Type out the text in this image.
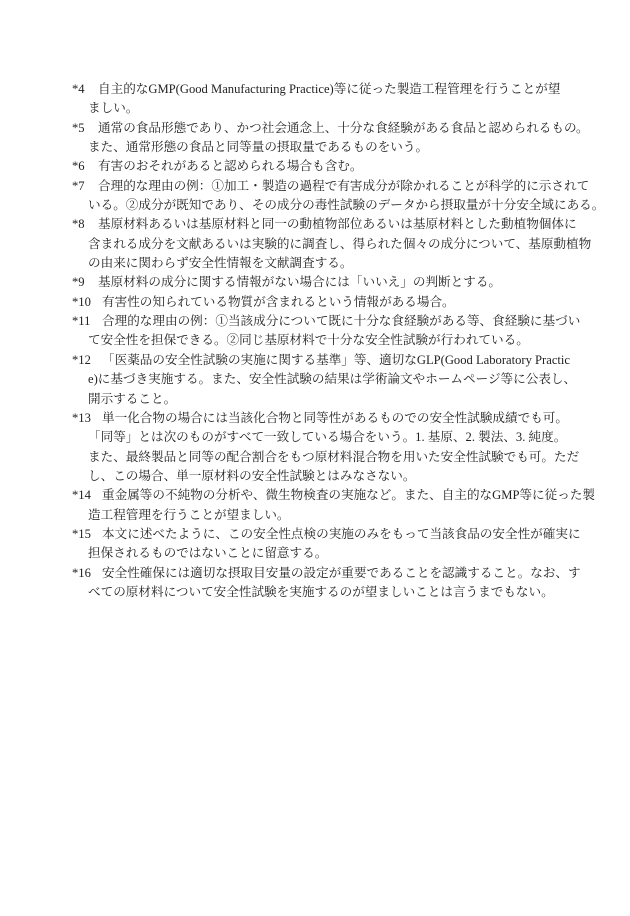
*4 自主的なGMP(Good Manufacturing Practice)等に従った製造工程管理を行うことが望
ましい。
*5 通常の食品形態であり、かつ社会通念上、十分な食経験がある食品と認められるもの。
また、通常形態の食品と同等量の摂取量であるものをいう。
*6 有害のおそれがあると認められる場合も含む。
*7 合理的な理由の例：①加工・製造の過程で有害成分が除かれることが科学的に示されて
いる。②成分が既知であり、その成分の毒性試験のデータから摂取量が十分安全域にある。
*8 基原材料あるいは基原材料と同一の動植物部位あるいは基原材料とした動植物個体に
含まれる成分を文献あるいは実験的に調査し、得られた個々の成分について、基原動植物
の由来に関わらず安全性情報を文献調査する。
*9 基原材料の成分に関する情報がない場合には「いいえ」の判断とする。
*10 有害性の知られている物質が含まれるという情報がある場合。
*11 合理的な理由の例：①当該成分について既に十分な食経験がある等、食経験に基づい
て安全性を担保できる。②同じ基原材料で十分な安全性試験が行われている。
*12 「医薬品の安全性試験の実施に関する基準」等、適切なGLP(Good Laboratory Practic
e)に基づき実施する。また、安全性試験の結果は学術論文やホームページ等に公表し、
開示すること。
*13 単一化合物の場合には当該化合物と同等性があるものでの安全性試験成績でも可。
「同等」とは次のものがすべて一致している場合をいう。1. 基原、2. 製法、3. 純度。
また、最終製品と同等の配合割合をもつ原材料混合物を用いた安全性試験でも可。ただ
し、この場合、単一原材料の安全性試験とはみなさない。
*14 重金属等の不純物の分析や、微生物検査の実施など。また、自主的なGMP等に従った製
造工程管理を行うことが望ましい。
*15 本文に述べたように、この安全性点検の実施のみをもって当該食品の安全性が確実に
担保されるものではないことに留意する。
*16 安全性確保には適切な摂取目安量の設定が重要であることを認識すること。なお、す
べての原材料について安全性試験を実施するのが望ましいことは言うまでもない。
